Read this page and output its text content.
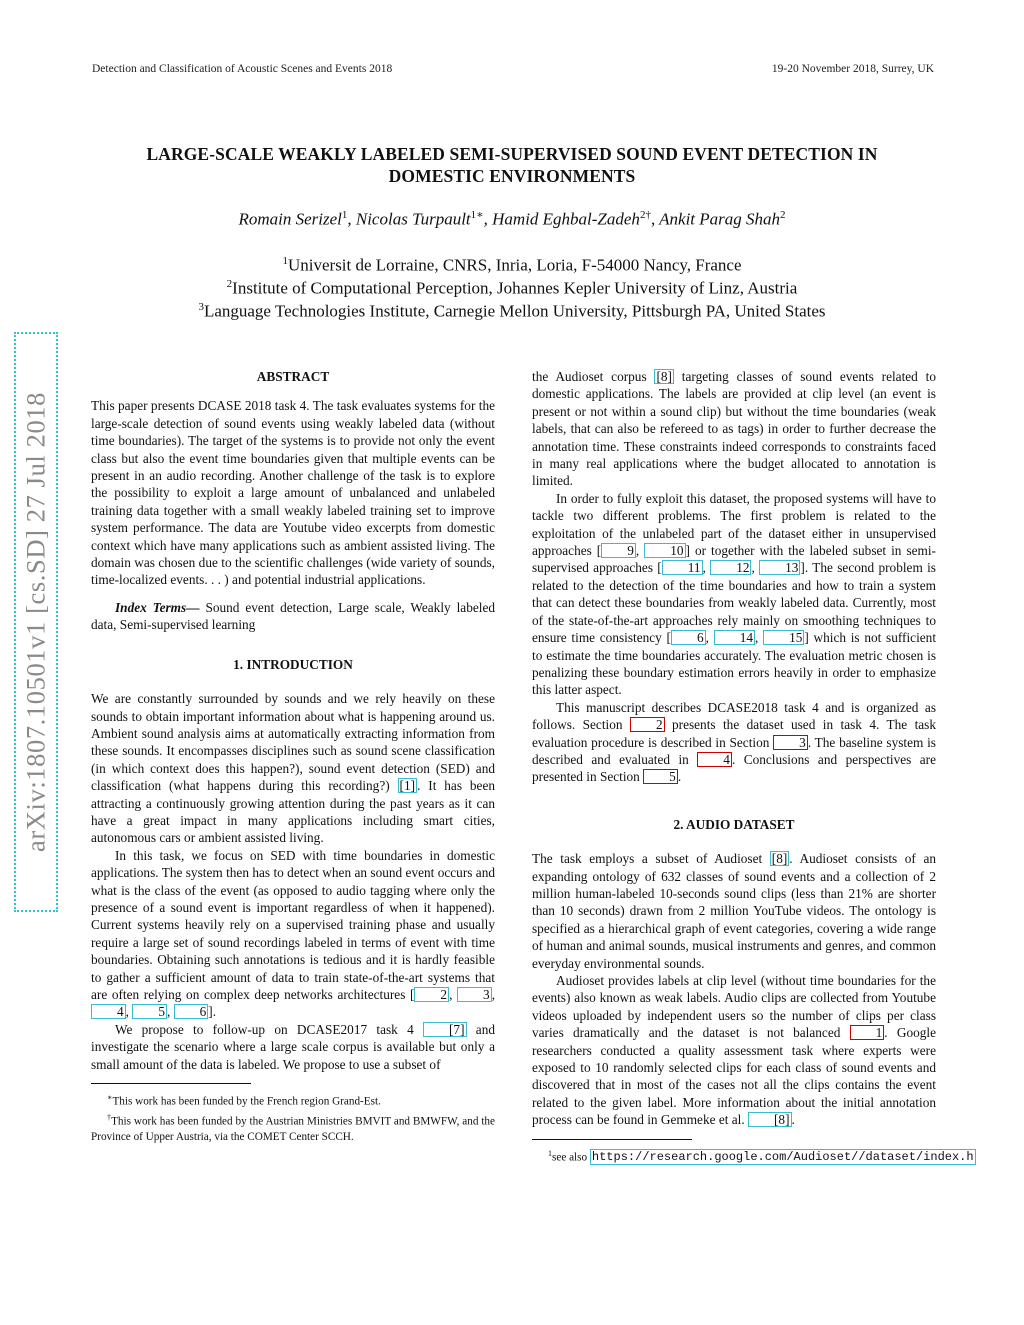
Detection and Classification of Acoustic Scenes and Events 2018	19-20 November 2018, Surrey, UK
LARGE-SCALE WEAKLY LABELED SEMI-SUPERVISED SOUND EVENT DETECTION IN
DOMESTIC ENVIRONMENTS
Romain Serizel$^1$, Nicolas Turpault$^{1∗}$, Hamid Eghbal-Zadeh$^{2\dagger}$, Ankit Parag Shah$^2$
$^1$Universit de Lorraine, CNRS, Inria, Loria, F-54000 Nancy, France
$^2$Institute of Computational Perception, Johannes Kepler University of Linz, Austria
$^3$Language Technologies Institute, Carnegie Mellon University, Pittsburgh PA, United States
arXiv:1807.10501v1 [cs.SD] 27 Jul 2018
ABSTRACT
This paper presents DCASE 2018 task 4. The task evaluates systems for the large-scale detection of sound events using weakly labeled data (without time boundaries). The target of the systems is to provide not only the event class but also the event time boundaries given that multiple events can be present in an audio recording. Another challenge of the task is to explore the possibility to exploit a large amount of unbalanced and unlabeled training data together with a small weakly labeled training set to improve system performance. The data are Youtube video excerpts from domestic context which have many applications such as ambient assisted living. The domain was chosen due to the scientific challenges (wide variety of sounds, time-localized events. . . ) and potential industrial applications.
Index Terms— Sound event detection, Large scale, Weakly labeled data, Semi-supervised learning
1. INTRODUCTION
We are constantly surrounded by sounds and we rely heavily on these sounds to obtain important information about what is happening around us. Ambient sound analysis aims at automatically extracting information from these sounds. It encompasses disciplines such as sound scene classification (in which context does this happen?), sound event detection (SED) and classification (what happens during this recording?) [1] . It has been attracting a continuously growing attention during the past years as it can have a great impact in many applications including smart cities, autonomous cars or ambient assisted living.
In this task, we focus on SED with time boundaries in domestic applications. The system then has to detect when an sound event occurs and what is the class of the event (as opposed to audio tagging where only the presence of a sound event is important regardless of when it happened). Current systems heavily rely on a supervised training phase and usually require a large set of sound recordings labeled in terms of event with time boundaries. Obtaining such annotations is tedious and it is hardly feasible to gather a sufficient amount of data to train state-of-the-art systems that are often relying on complex deep networks architectures [ 2 , 3 , 4 , 5 , 6 ].
We propose to follow-up on DCASE2017 task 4 [7] and investigate the scenario where a large scale corpus is available but only a small amount of the data is labeled. We propose to use a subset of
∗This work has been funded by the French region Grand-Est.
†This work has been funded by the Austrian Ministries BMVIT and BMWFW, and the Province of Upper Austria, via the COMET Center SCCH.
the Audioset corpus [8] targeting classes of sound events related to domestic applications. The labels are provided at clip level (an event is present or not within a sound clip) but without the time boundaries (weak labels, that can also be refereed to as tags) in order to further decrease the annotation time. These constraints indeed corresponds to constraints faced in many real applications where the budget allocated to annotation is limited.
In order to fully exploit this dataset, the proposed systems will have to tackle two different problems. The first problem is related to the exploitation of the unlabeled part of the dataset either in unsupervised approaches [ 9 , 10 ] or together with the labeled subset in semi-supervised approaches [ 11 , 12 , 13 ]. The second problem is related to the detection of the time boundaries and how to train a system that can detect these boundaries from weakly labeled data. Currently, most of the state-of-the-art approaches rely mainly on smoothing techniques to ensure time consistency [ 6 , 14 , 15 ] which is not sufficient to estimate the time boundaries accurately. The evaluation metric chosen is penalizing these boundary estimation errors heavily in order to emphasize this latter aspect.
This manuscript describes DCASE2018 task 4 and is organized as follows. Section 2 presents the dataset used in task 4. The task evaluation procedure is described in Section 3 . The baseline system is described and evaluated in 4 . Conclusions and perspectives are presented in Section 5 .
2. AUDIO DATASET
The task employs a subset of Audioset [8] . Audioset consists of an expanding ontology of 632 classes of sound events and a collection of 2 million human-labeled 10-seconds sound clips (less than 21% are shorter than 10 seconds) drawn from 2 million YouTube videos. The ontology is specified as a hierarchical graph of event categories, covering a wide range of human and animal sounds, musical instruments and genres, and common everyday environmental sounds.
Audioset provides labels at clip level (without time boundaries for the events) also known as weak labels. Audio clips are collected from Youtube videos uploaded by independent users so the number of clips per class varies dramatically and the dataset is not balanced 1 . Google researchers conducted a quality assessment task where experts were exposed to 10 randomly selected clips for each class of sound events and discovered that in most of the cases not all the clips contains the event related to the given label. More information about the initial annotation process can be found in Gemmeke et al. [8] .
$^1$see also https://research.google.com/Audioset//dataset/index.h
